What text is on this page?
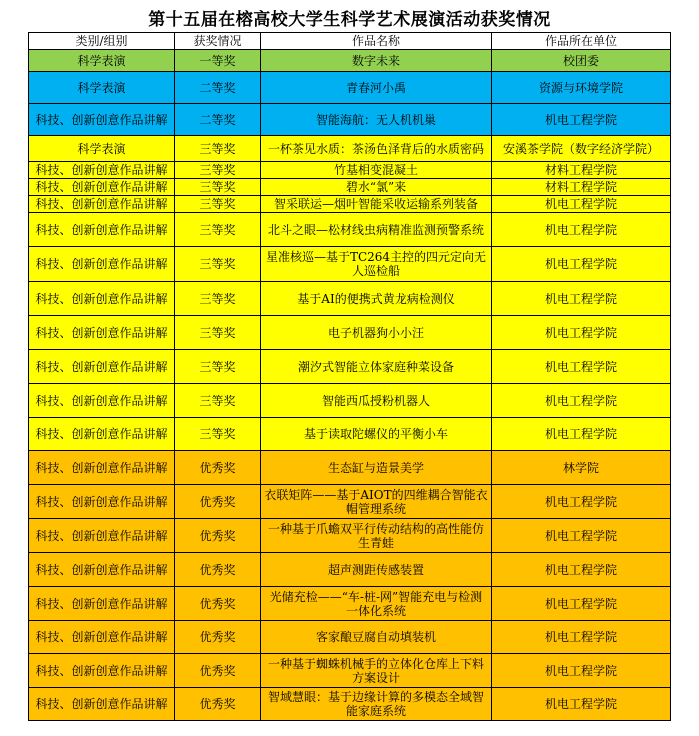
第十五届在榕高校大学生科学艺术展演活动获奖情况
类别/组别	获奖情况	作品名称	作品所在单位
科学表演	一等奖	数字未来	校团委
科学表演	二等奖	青春河小禹	资源与环境学院
科技、创新创意作品讲解	二等奖	智能海航：无人机机巢	机电工程学院
科学表演	三等奖	一杯茶见水质：茶汤色泽背后的水质密码	安溪茶学院（数字经济学院）
科技、创新创意作品讲解	三等奖	竹基相变混凝土	材料工程学院
科技、创新创意作品讲解	三等奖	碧水“氯”来	材料工程学院
科技、创新创意作品讲解	三等奖	智采联运—烟叶智能采收运输系列装备	机电工程学院
科技、创新创意作品讲解	三等奖	北斗之眼—松材线虫病精准监测预警系统	机电工程学院
科技、创新创意作品讲解	三等奖	星准核巡—基于TC264主控的四元定向无人巡检船	机电工程学院
科技、创新创意作品讲解	三等奖	基于AI的便携式黄龙病检测仪	机电工程学院
科技、创新创意作品讲解	三等奖	电子机器狗小小汪	机电工程学院
科技、创新创意作品讲解	三等奖	潮汐式智能立体家庭种菜设备	机电工程学院
科技、创新创意作品讲解	三等奖	智能西瓜授粉机器人	机电工程学院
科技、创新创意作品讲解	三等奖	基于读取陀螺仪的平衡小车	机电工程学院
科技、创新创意作品讲解	优秀奖	生态缸与造景美学	林学院
科技、创新创意作品讲解	优秀奖	衣联矩阵——基于AIOT的四维耦合智能衣帽管理系统	机电工程学院
科技、创新创意作品讲解	优秀奖	一种基于爪蟾双平行传动结构的高性能仿生青蛙	机电工程学院
科技、创新创意作品讲解	优秀奖	超声测距传感装置	机电工程学院
科技、创新创意作品讲解	优秀奖	光储充检——“车-桩-网”智能充电与检测一体化系统	机电工程学院
科技、创新创意作品讲解	优秀奖	客家酿豆腐自动填装机	机电工程学院
科技、创新创意作品讲解	优秀奖	一种基于蜘蛛机械手的立体化仓库上下料方案设计	机电工程学院
科技、创新创意作品讲解	优秀奖	智域慧眼：基于边缘计算的多模态全域智能家庭系统	机电工程学院
